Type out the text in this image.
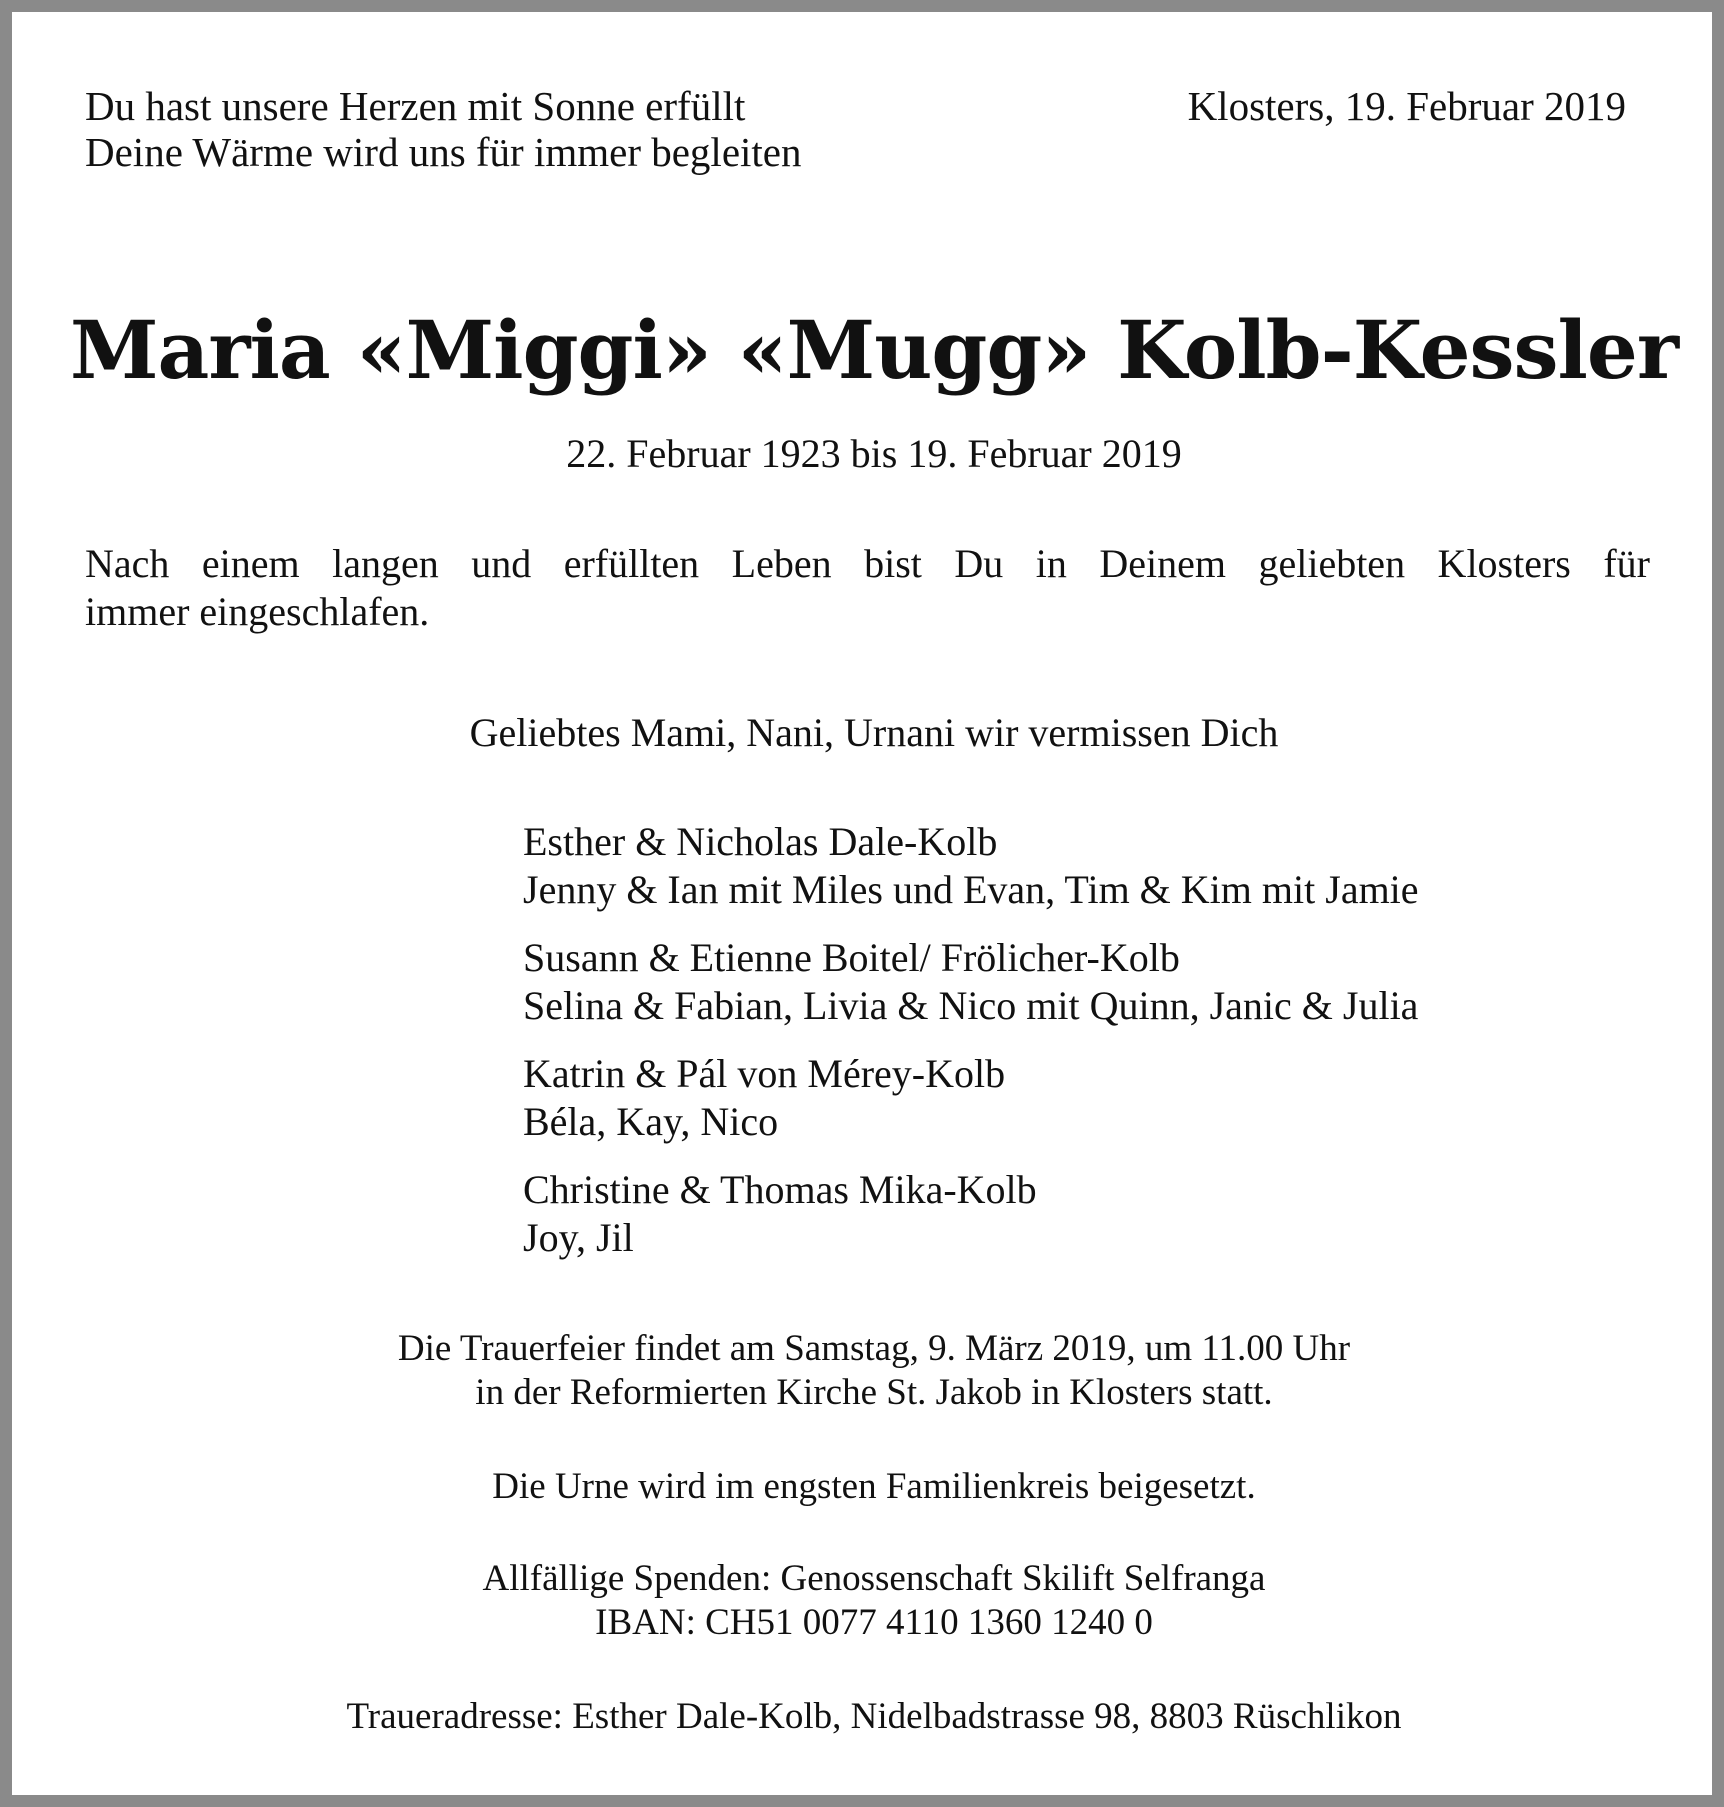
Du hast unsere Herzen mit Sonne erfüllt
Deine Wärme wird uns für immer begleiten
Klosters, 19. Februar 2019
Maria «Miggi» «Mugg» Kolb-Kessler
22. Februar 1923 bis 19. Februar 2019
Nach einem langen und erfüllten Leben bist Du in Deinem geliebten Klosters für
immer eingeschlafen.
Geliebtes Mami, Nani, Urnani wir vermissen Dich
Esther & Nicholas Dale-Kolb
Jenny & Ian mit Miles und Evan, Tim & Kim mit Jamie
Susann & Etienne Boitel/ Frölicher-Kolb
Selina & Fabian, Livia & Nico mit Quinn, Janic & Julia
Katrin & Pál von Mérey-Kolb
Béla, Kay, Nico
Christine & Thomas Mika-Kolb
Joy, Jil
Die Trauerfeier findet am Samstag, 9. März 2019, um 11.00 Uhr
in der Reformierten Kirche St. Jakob in Klosters statt.
Die Urne wird im engsten Familienkreis beigesetzt.
Allfällige Spenden: Genossenschaft Skilift Selfranga
IBAN: CH51 0077 4110 1360 1240 0
Traueradresse: Esther Dale-Kolb, Nidelbadstrasse 98, 8803 Rüschlikon
